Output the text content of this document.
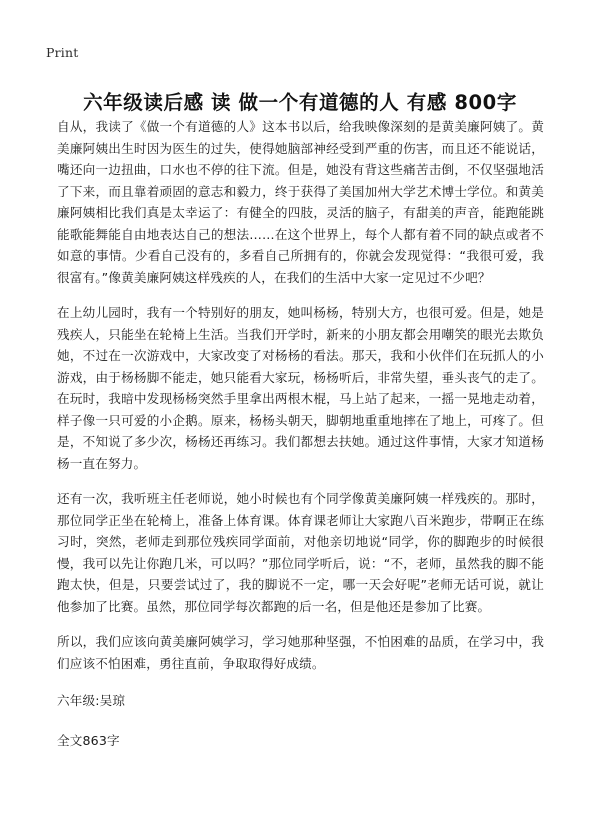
Print
六年级读后感 读 做一个有道德的人 有感 800字

自从，我读了《做一个有道德的人》这本书以后，给我映像深刻的是黄美廉阿姨了。黄美廉阿姨出生时因为医生的过失，使得她脑部神经受到严重的伤害，而且还不能说话，嘴还向一边扭曲，口水也不停的往下流。但是，她没有背这些痛苦击倒，不仅坚强地活了下来，而且靠着顽固的意志和毅力，终于获得了美国加州大学艺术博士学位。和黄美廉阿姨相比我们真是太幸运了：有健全的四肢，灵活的脑子，有甜美的声音，能跑能跳能歌能舞能自由地表达自己的想法……在这个世界上，每个人都有着不同的缺点或者不如意的事情。少看自己没有的，多看自己所拥有的，你就会发现觉得：“我很可爱，我很富有。”像黄美廉阿姨这样残疾的人，在我们的生活中大家一定见过不少吧？

在上幼儿园时，我有一个特别好的朋友，她叫杨杨，特别大方，也很可爱。但是，她是残疾人，只能坐在轮椅上生活。当我们开学时，新来的小朋友都会用嘲笑的眼光去欺负她，不过在一次游戏中，大家改变了对杨杨的看法。那天，我和小伙伴们在玩抓人的小游戏，由于杨杨脚不能走，她只能看大家玩，杨杨听后，非常失望，垂头丧气的走了。在玩时，我暗中发现杨杨突然手里拿出两根木棍，马上站了起来，一摇一晃地走动着，样子像一只可爱的小企鹅。原来，杨杨头朝天，脚朝地重重地摔在了地上，可疼了。但是，不知说了多少次，杨杨还再练习。我们都想去扶她。通过这件事情，大家才知道杨杨一直在努力。

还有一次，我听班主任老师说，她小时候也有个同学像黄美廉阿姨一样残疾的。那时，那位同学正坐在轮椅上，准备上体育课。体育课老师让大家跑八百米跑步，带啊正在练习时，突然，老师走到那位残疾同学面前，对他亲切地说“同学，你的脚跑步的时候很慢，我可以先让你跑几米，可以吗？”那位同学听后，说：“不，老师，虽然我的脚不能跑太快，但是，只要尝试过了，我的脚说不一定，哪一天会好呢”老师无话可说，就让他参加了比赛。虽然，那位同学每次都跑的后一名，但是他还是参加了比赛。

所以，我们应该向黄美廉阿姨学习，学习她那种坚强，不怕困难的品质，在学习中，我们应该不怕困难，勇往直前，争取取得好成绩。

六年级:吴琼

全文863字
